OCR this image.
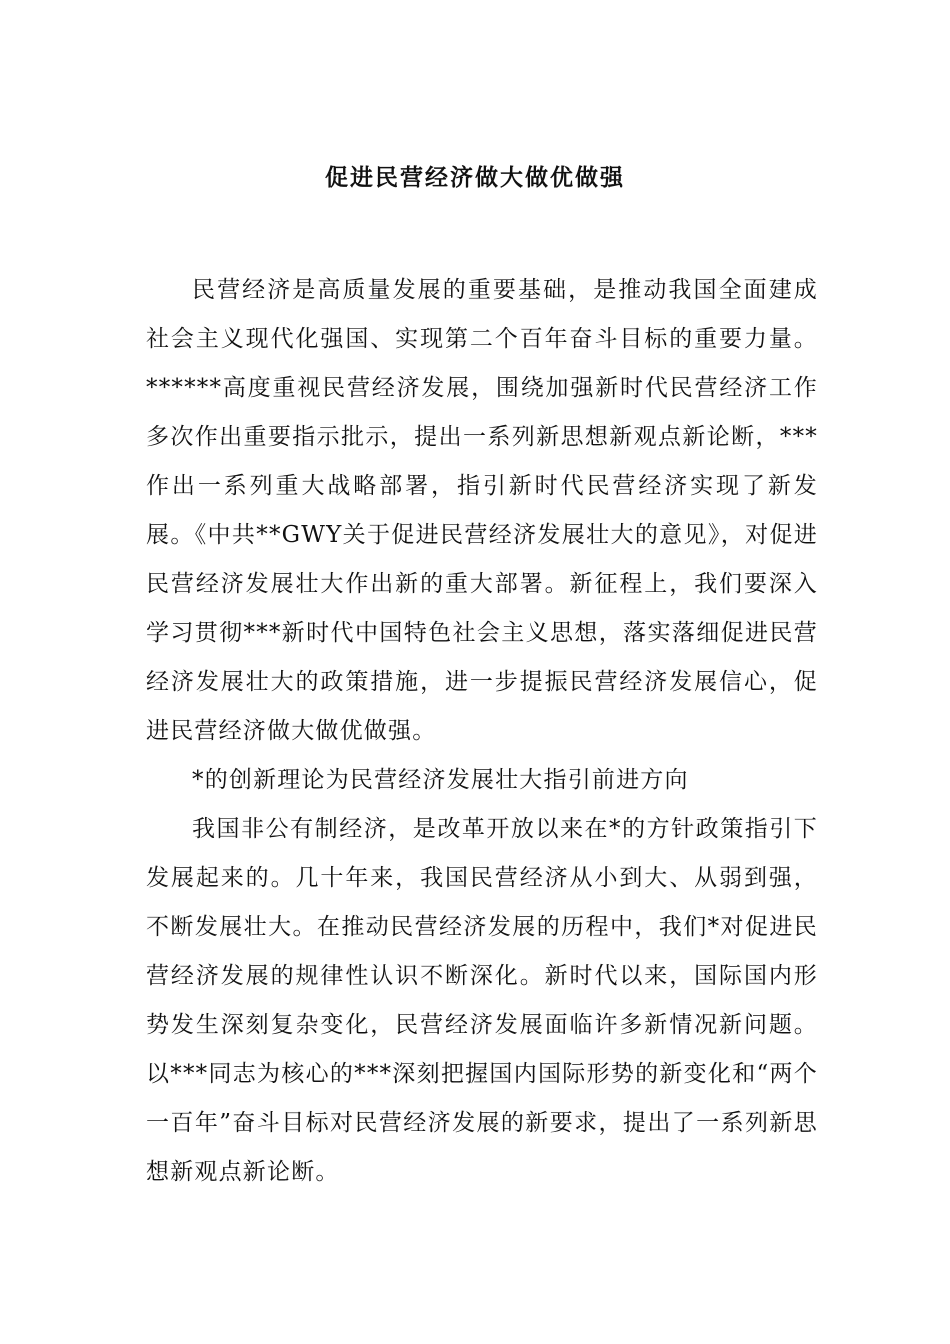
促进民营经济做大做优做强

民营经济是高质量发展的重要基础，是推动我国全面建成社会主义现代化强国、实现第二个百年奋斗目标的重要力量。******高度重视民营经济发展，围绕加强新时代民营经济工作多次作出重要指示批示，提出一系列新思想新观点新论断，***作出一系列重大战略部署，指引新时代民营经济实现了新发展。《中共**GWY关于促进民营经济发展壮大的意见》，对促进民营经济发展壮大作出新的重大部署。新征程上，我们要深入学习贯彻***新时代中国特色社会主义思想，落实落细促进民营经济发展壮大的政策措施，进一步提振民营经济发展信心，促进民营经济做大做优做强。

*的创新理论为民营经济发展壮大指引前进方向

我国非公有制经济，是改革开放以来在*的方针政策指引下发展起来的。几十年来，我国民营经济从小到大、从弱到强，不断发展壮大。在推动民营经济发展的历程中，我们*对促进民营经济发展的规律性认识不断深化。新时代以来，国际国内形势发生深刻复杂变化，民营经济发展面临许多新情况新问题。以***同志为核心的***深刻把握国内国际形势的新变化和“两个一百年”奋斗目标对民营经济发展的新要求，提出了一系列新思想新观点新论断。
